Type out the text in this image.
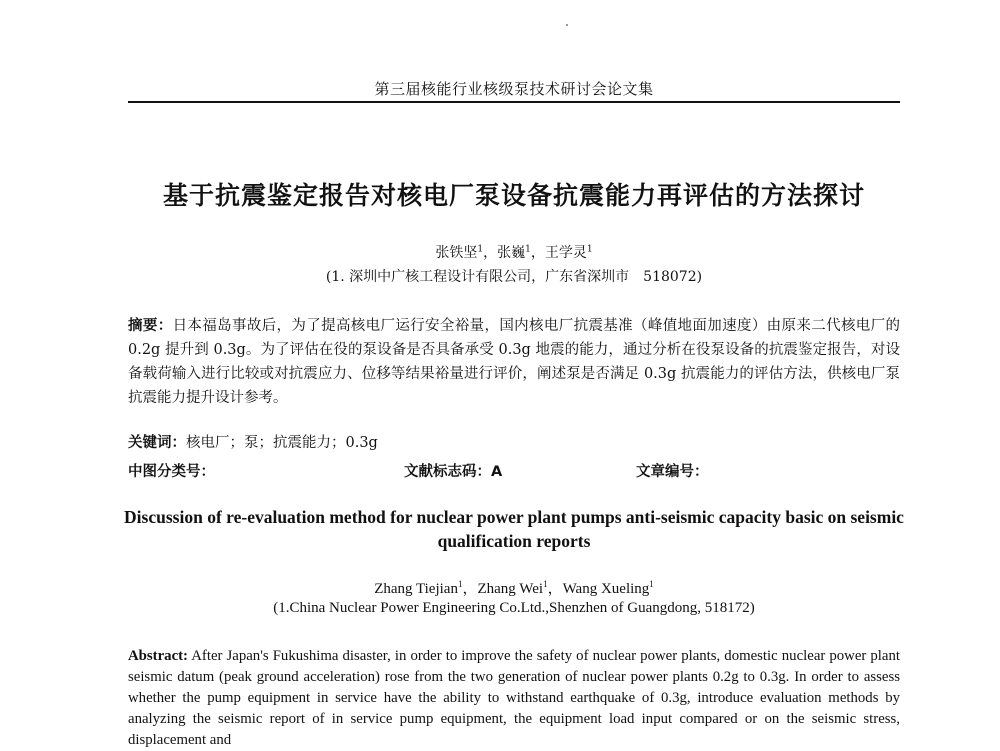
第三届核能行业核级泵技术研讨会论文集
基于抗震鉴定报告对核电厂泵设备抗震能力再评估的方法探讨
张铁坚$^1$，张巍$^1$，王学灵$^1$
(1. 深圳中广核工程设计有限公司，广东省深圳市　518072)
摘要：日本福岛事故后，为了提高核电厂运行安全裕量，国内核电厂抗震基准（峰值地面加速度）由原来二代核电厂的 0.2g 提升到 0.3g。为了评估在役的泵设备是否具备承受 0.3g 地震的能力，通过分析在役泵设备的抗震鉴定报告，对设备载荷输入进行比较或对抗震应力、位移等结果裕量进行评价，阐述泵是否满足 0.3g 抗震能力的评估方法，供核电厂泵抗震能力提升设计参考。
关键词：核电厂；泵；抗震能力；0.3g
中图分类号：	文献标志码：A	文章编号：
Discussion of re-evaluation method for nuclear power plant pumps anti-seismic capacity basic on seismic qualification reports
Zhang Tiejian$^1$，Zhang Wei$^1$，Wang Xueling$^1$
(1.China Nuclear Power Engineering Co.Ltd.,Shenzhen of Guangdong, 518172)
Abstract: After Japan's Fukushima disaster, in order to improve the safety of nuclear power plants, domestic nuclear power plant seismic datum (peak ground acceleration) rose from the two generation of nuclear power plants 0.2g to 0.3g. In order to assess whether the pump equipment in service have the ability to withstand earthquake of 0.3g, introduce evaluation methods by analyzing the seismic report of in service pump equipment, the equipment load input compared or on the seismic stress, displacement and
